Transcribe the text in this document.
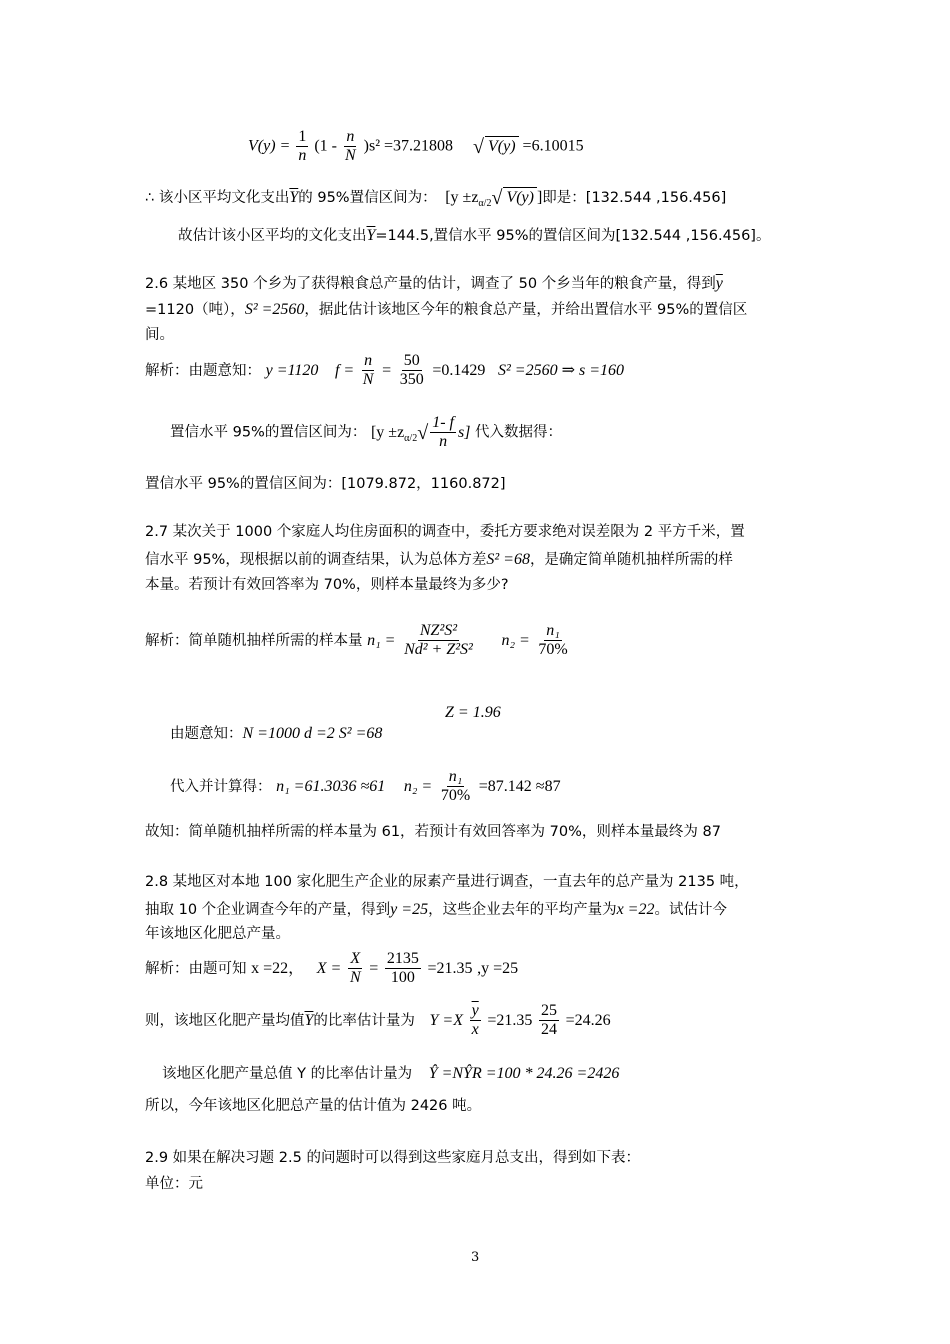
$V(y) = \frac{1}{n} (1 - \frac{n}{N} )s^2 =37.21808$ √ V(y) =6.10015
∴ 该小区平均文化支出$\overline{Y}$的 95%置信区间为： [$y \pm z_{\alpha/2}√$ V(y) ]即是：[132.544 ,156.456]
故估计该小区平均的文化支出$\overline{Y}=144.5$,置信水平 95%的置信区间为[132.544 ,156.456]。
2.6 某地区 350 个乡为了获得粮食总产量的估计，调查了 50 个乡当年的粮食产量，得到$\overline{y}$
=1120（吨），S² =2560，据此估计该地区今年的粮食总产量，并给出置信水平 95%的置信区
间。
解析：由题意知： y =1120 $f = \frac{n}{N} = \frac{50}{350} =0.1429$ S² =2560 ⇒ s =160
置信水平 95%的置信区间为： $[y \pm z_{\alpha/2}√ \frac{1- f}{n} s]$ 代入数据得：
置信水平 95%的置信区间为：[1079.872，1160.872]
2.7 某次关于 1000 个家庭人均住房面积的调查中，委托方要求绝对误差限为 2 平方千米，置
信水平 95%，现根据以前的调查结果，认为总体方差S² =68，是确定简单随机抽样所需的样
本量。若预计有效回答率为 70%，则样本量最终为多少?
解析：简单随机抽样所需的样本量 $n_1 = \frac{\text{NZ²S²}}{\text{Nd² + Z²S²}} n_2 = \frac{\text{n₁}}{70\%}$
Z = 1.96
由题意知：N =1000 d =2 S² =68
代入并计算得： n₁ =61.3036 ≈61 $n_2 = \frac{\text{n₁}}{70\%} =87.142 \approx 87$
故知：简单随机抽样所需的样本量为 61，若预计有效回答率为 70%，则样本量最终为 87
2.8 某地区对本地 100 家化肥生产企业的尿素产量进行调查，一直去年的总产量为 2135 吨，
抽取 10 个企业调查今年的产量，得到y =25，这些企业去年的平均产量为x =22。试估计今
年该地区化肥总产量。
解析：由题可知 x =22， $X = \frac{X}{N} = \frac{2135}{100} =21.35$ ,y =25
则，该地区化肥产量均值$\overline{Y}$的比率估计量为 $Y =X \frac{\overline{y}}{x} =21.35 \frac{25}{24} =24.26$
该地区化肥产量总值 Y 的比率估计量为 Ŷ =NŶR =100 * 24.26 =2426
所以，今年该地区化肥总产量的估计值为 2426 吨。
2.9 如果在解决习题 2.5 的问题时可以得到这些家庭月总支出，得到如下表：
单位：元
3
